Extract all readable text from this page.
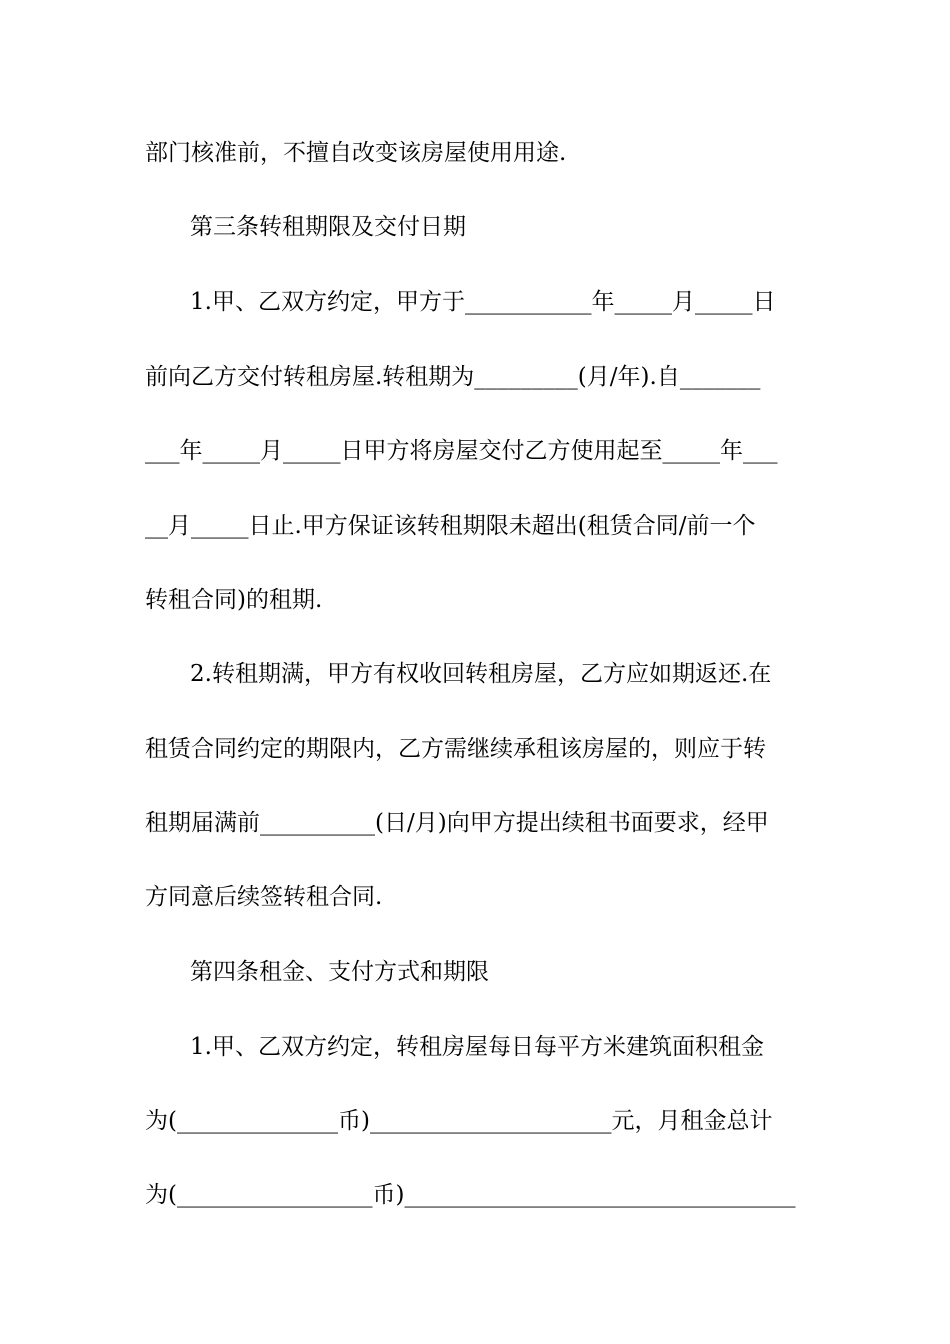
部门核准前，不擅自改变该房屋使用用途.
第三条转租期限及交付日期
1.甲、乙双方约定，甲方于___________年_____月_____日
前向乙方交付转租房屋.转租期为_________(月/年).自_______
___年_____月_____日甲方将房屋交付乙方使用起至_____年___
__月_____日止.甲方保证该转租期限未超出(租赁合同/前一个
转租合同)的租期.
2.转租期满，甲方有权收回转租房屋，乙方应如期返还.在
租赁合同约定的期限内，乙方需继续承租该房屋的，则应于转
租期届满前__________(日/月)向甲方提出续租书面要求，经甲
方同意后续签转租合同.
第四条租金、支付方式和期限
1.甲、乙双方约定，转租房屋每日每平方米建筑面积租金
为(______________币)_____________________元，月租金总计
为(_________________币)__________________________________
